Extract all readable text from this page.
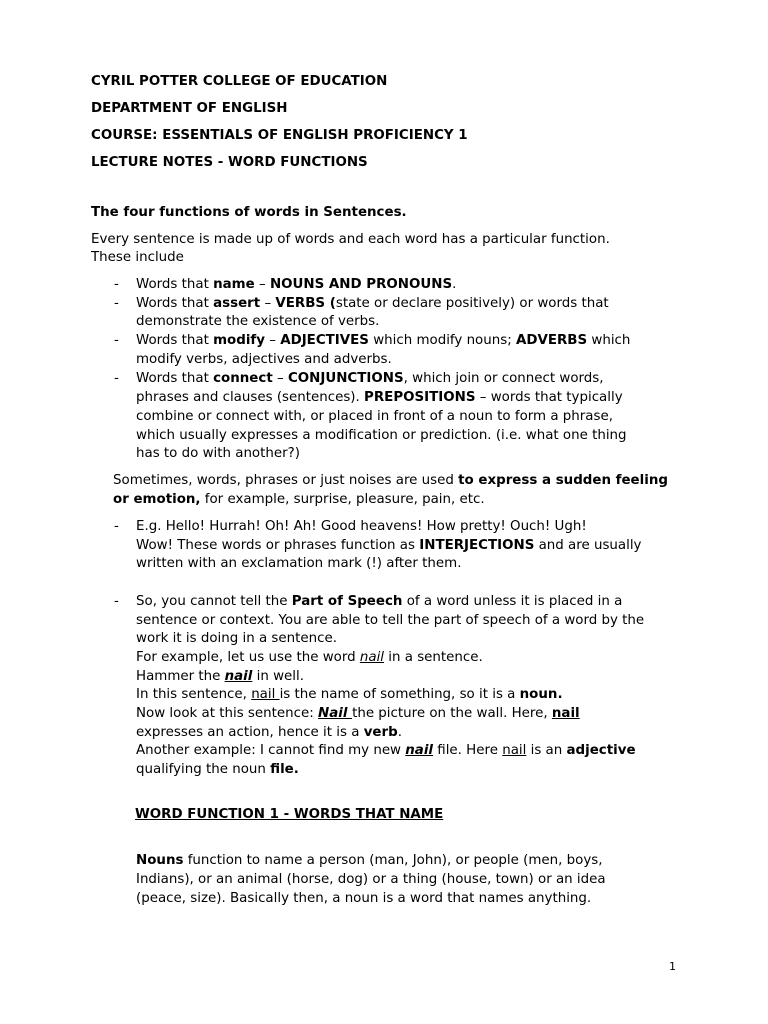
CYRIL POTTER COLLEGE OF EDUCATION
DEPARTMENT OF ENGLISH
COURSE: ESSENTIALS OF ENGLISH PROFICIENCY 1
LECTURE NOTES - WORD FUNCTIONS
The four functions of words in Sentences.
Every sentence is made up of words and each word has a particular function.
These include
- Words that name – NOUNS AND PRONOUNS.
- Words that assert – VERBS (state or declare positively) or words that
demonstrate the existence of verbs.
- Words that modify – ADJECTIVES which modify nouns; ADVERBS which
modify verbs, adjectives and adverbs.
- Words that connect – CONJUNCTIONS, which join or connect words,
phrases and clauses (sentences). PREPOSITIONS – words that typically
combine or connect with, or placed in front of a noun to form a phrase,
which usually expresses a modification or prediction. (i.e. what one thing
has to do with another?)
Sometimes, words, phrases or just noises are used to express a sudden feeling
or emotion, for example, surprise, pleasure, pain, etc.
- E.g. Hello! Hurrah! Oh! Ah! Good heavens! How pretty! Ouch! Ugh!
Wow! These words or phrases function as INTERJECTIONS and are usually
written with an exclamation mark (!) after them.
- So, you cannot tell the Part of Speech of a word unless it is placed in a
sentence or context. You are able to tell the part of speech of a word by the
work it is doing in a sentence.
For example, let us use the word nail in a sentence.
Hammer the nail in well.
In this sentence, nail is the name of something, so it is a noun.
Now look at this sentence: Nail the picture on the wall. Here, nail
expresses an action, hence it is a verb.
Another example: I cannot find my new nail file. Here nail is an adjective
qualifying the noun file.
WORD FUNCTION 1 - WORDS THAT NAME
Nouns function to name a person (man, John), or people (men, boys,
Indians), or an animal (horse, dog) or a thing (house, town) or an idea
(peace, size). Basically then, a noun is a word that names anything.
1
